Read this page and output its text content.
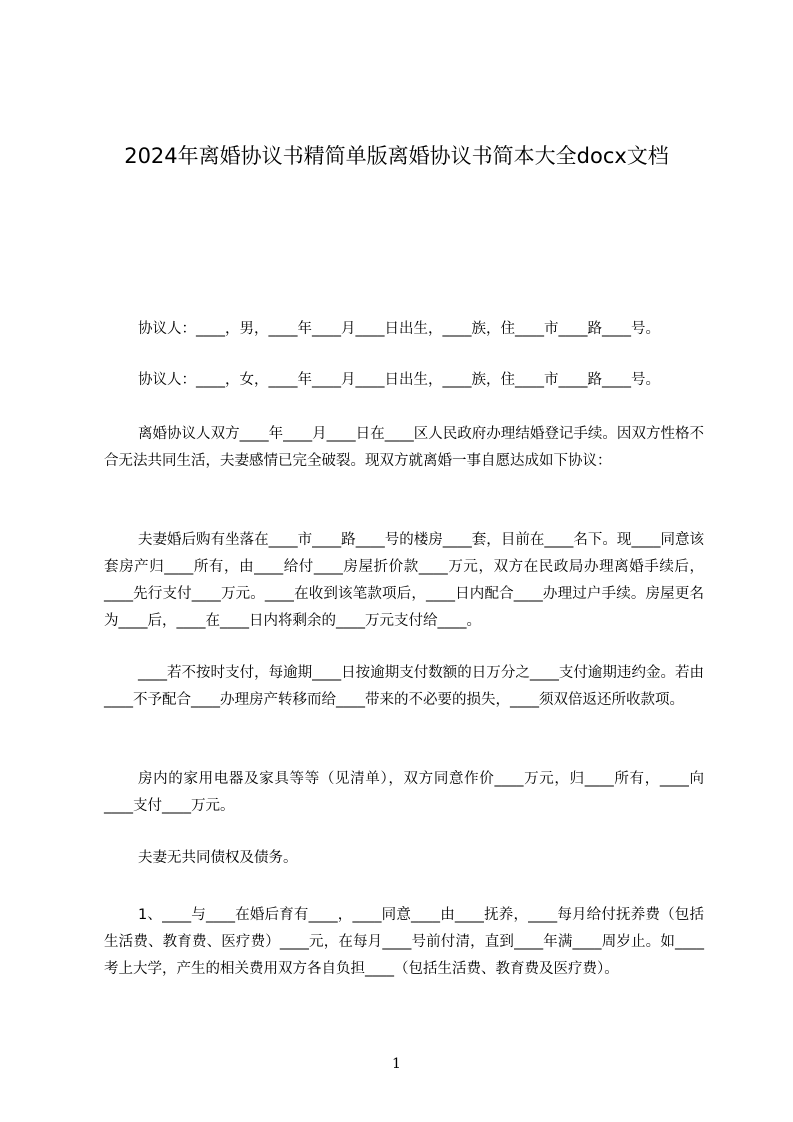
2024年离婚协议书精简单版离婚协议书简本大全docx文档

协议人：____，男，____年____月____日出生，____族，住____市____路____号。

协议人：____，女，____年____月____日出生，____族，住____市____路____号。

离婚协议人双方____年____月____日在____区人民政府办理结婚登记手续。因双方性格不合无法共同生活，夫妻感情已完全破裂。现双方就离婚一事自愿达成如下协议：

夫妻婚后购有坐落在____市____路____号的楼房____套，目前在____名下。现____同意该套房产归____所有，由____给付____房屋折价款____万元，双方在民政局办理离婚手续后，____先行支付____万元。____在收到该笔款项后，____日内配合____办理过户手续。房屋更名为____后，____在____日内将剩余的____万元支付给____。

____若不按时支付，每逾期____日按逾期支付数额的日万分之____支付逾期违约金。若由____不予配合____办理房产转移而给____带来的不必要的损失，____须双倍返还所收款项。

房内的家用电器及家具等等（见清单），双方同意作价____万元，归____所有，____向____支付____万元。

夫妻无共同债权及债务。

1、____与____在婚后育有____，____同意____由____抚养，____每月给付抚养费（包括生活费、教育费、医疗费）____元，在每月____号前付清，直到____年满____周岁止。如____考上大学，产生的相关费用双方各自负担____（包括生活费、教育费及医疗费）。

1
